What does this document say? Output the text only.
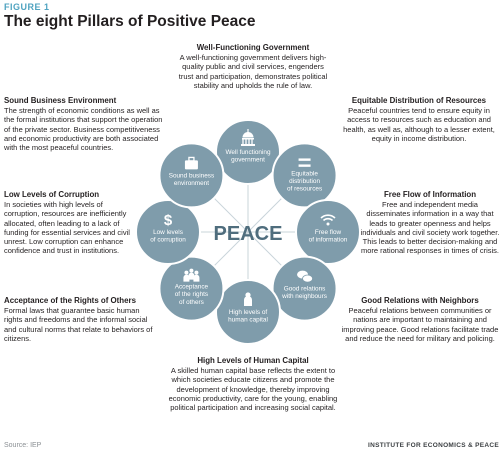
FIGURE 1
The eight Pillars of Positive Peace
Well-Functioning Government
A well-functioning government delivers high-quality public and civil services, engenders trust and participation, demonstrates political stability and upholds the rule of law.
Sound Business Environment
The strength of economic conditions as well as the formal institutions that support the operation of the private sector. Business competitiveness and economic productivity are both associated with the most peaceful countries.
Equitable Distribution of Resources
Peaceful countries tend to ensure equity in access to resources such as education and health, as well as, although to a lesser extent, equity in income distribution.
Low Levels of Corruption
In societies with high levels of corruption, resources are inefficiently allocated, often leading to a lack of funding for essential services and civil unrest. Low corruption can enhance confidence and trust in institutions.
Free Flow of Information
Free and independent media disseminates information in a way that leads to greater openness and helps individuals and civil society work together. This leads to better decision-making and more rational responses in times of crisis.
Acceptance of the Rights of Others
Formal laws that guarantee basic human rights and freedoms and the informal social and cultural norms that relate to behaviors of citizens.
Good Relations with Neighbors
Peaceful relations between communities or nations are important to maintaining and improving peace. Good relations facilitate trade and reduce the need for military and policing.
High Levels of Human Capital
A skilled human capital base reflects the extent to which societies educate citizens and promote the development of knowledge, thereby improving economic productivity, care for the young, enabling political participation and increasing social capital.
PEACE
Well functioning
government
Equitable
distribution
of resources
Free flow
of information
Good relations
with neighbours
High levels of
human capital
Acceptance
of the rights
of others
$
Low levels
of corruption
Sound business
environment
Source: IEP	INSTITUTE FOR ECONOMICS & PEACE
